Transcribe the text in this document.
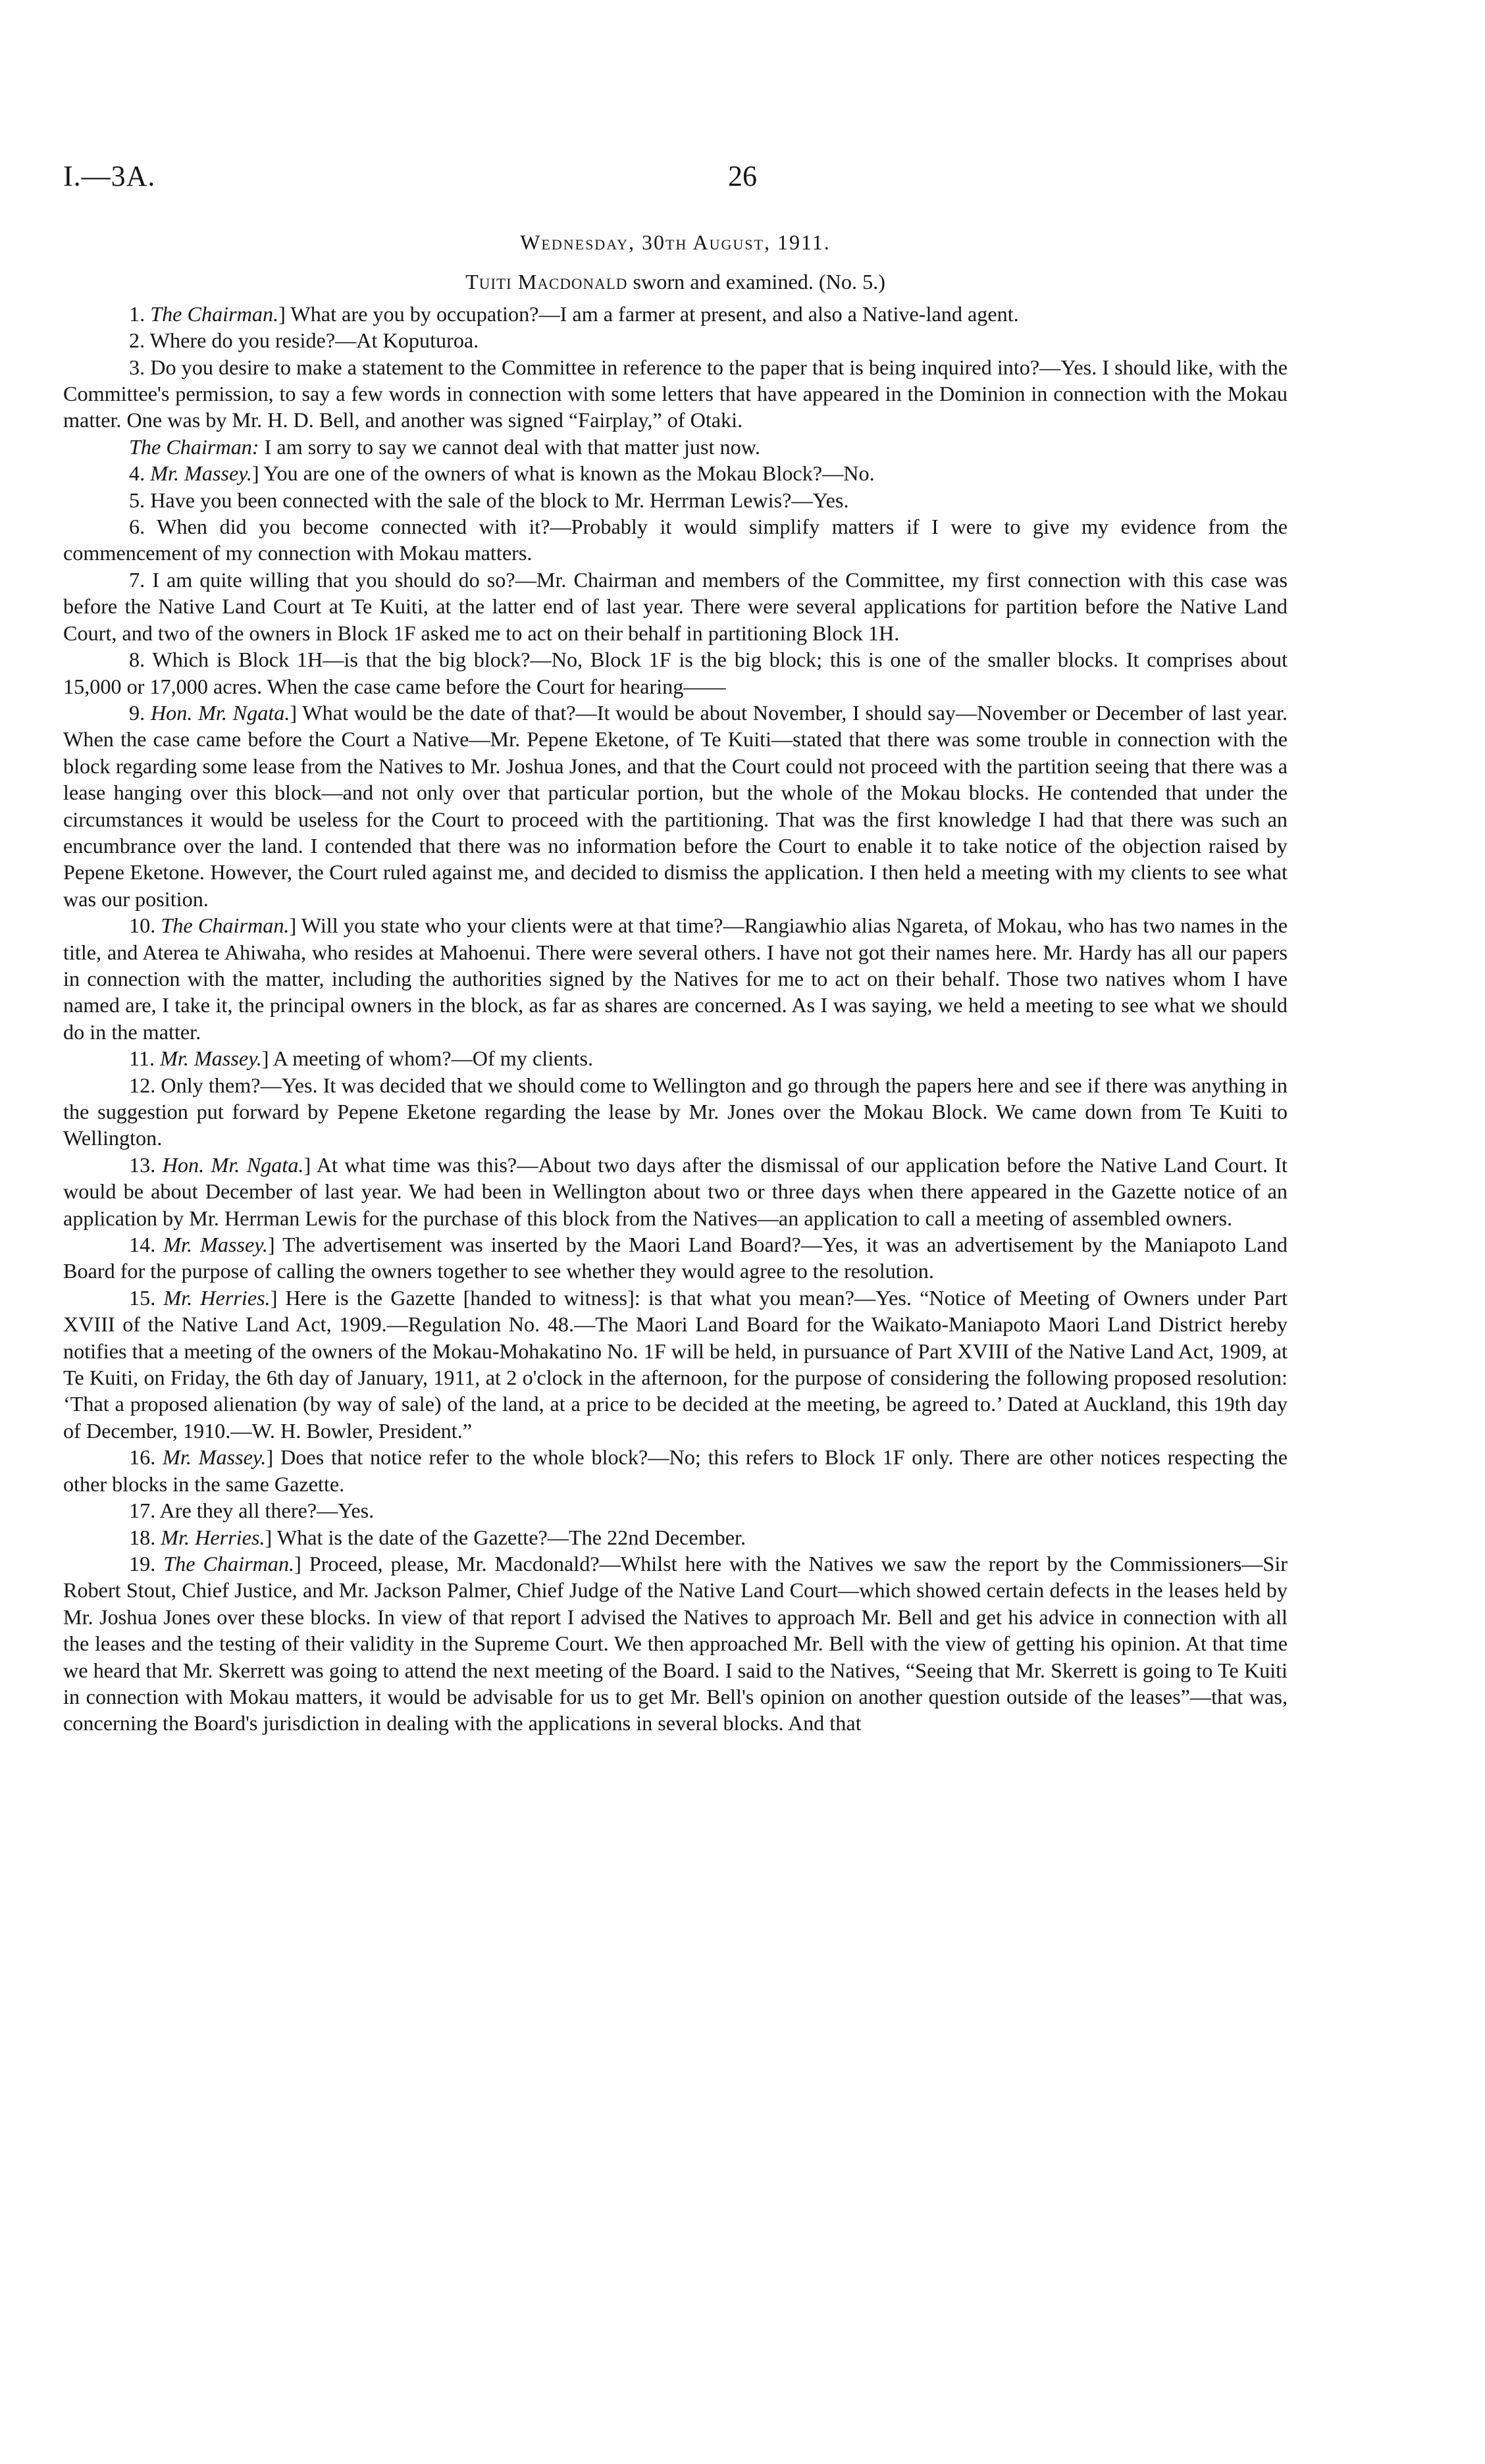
I.—3A.	26
Wednesday, 30th August, 1911.
Tuiti Macdonald sworn and examined. (No. 5.)

1. The Chairman.] What are you by occupation?—I am a farmer at present, and also a Native-land agent.

2. Where do you reside?—At Koputuroa.

3. Do you desire to make a statement to the Committee in reference to the paper that is being inquired into?—Yes. I should like, with the Committee's permission, to say a few words in connection with some letters that have appeared in the Dominion in connection with the Mokau matter. One was by Mr. H. D. Bell, and another was signed “Fairplay,” of Otaki.

The Chairman: I am sorry to say we cannot deal with that matter just now.

4. Mr. Massey.] You are one of the owners of what is known as the Mokau Block?—No.

5. Have you been connected with the sale of the block to Mr. Herrman Lewis?—Yes.

6. When did you become connected with it?—Probably it would simplify matters if I were to give my evidence from the commencement of my connection with Mokau matters.

7. I am quite willing that you should do so?—Mr. Chairman and members of the Committee, my first connection with this case was before the Native Land Court at Te Kuiti, at the latter end of last year. There were several applications for partition before the Native Land Court, and two of the owners in Block 1F asked me to act on their behalf in partitioning Block 1H.

8. Which is Block 1H—is that the big block?—No, Block 1F is the big block; this is one of the smaller blocks. It comprises about 15,000 or 17,000 acres. When the case came before the Court for hearing——

9. Hon. Mr. Ngata.] What would be the date of that?—It would be about November, I should say—November or December of last year. When the case came before the Court a Native—Mr. Pepene Eketone, of Te Kuiti—stated that there was some trouble in connection with the block regarding some lease from the Natives to Mr. Joshua Jones, and that the Court could not proceed with the partition seeing that there was a lease hanging over this block—and not only over that particular portion, but the whole of the Mokau blocks. He contended that under the circumstances it would be useless for the Court to proceed with the partitioning. That was the first knowledge I had that there was such an encumbrance over the land. I contended that there was no information before the Court to enable it to take notice of the objection raised by Pepene Eketone. However, the Court ruled against me, and decided to dismiss the application. I then held a meeting with my clients to see what was our position.

10. The Chairman.] Will you state who your clients were at that time?—Rangiawhio alias Ngareta, of Mokau, who has two names in the title, and Aterea te Ahiwaha, who resides at Mahoenui. There were several others. I have not got their names here. Mr. Hardy has all our papers in connection with the matter, including the authorities signed by the Natives for me to act on their behalf. Those two natives whom I have named are, I take it, the principal owners in the block, as far as shares are concerned. As I was saying, we held a meeting to see what we should do in the matter.

11. Mr. Massey.] A meeting of whom?—Of my clients.

12. Only them?—Yes. It was decided that we should come to Wellington and go through the papers here and see if there was anything in the suggestion put forward by Pepene Eketone regarding the lease by Mr. Jones over the Mokau Block. We came down from Te Kuiti to Wellington.

13. Hon. Mr. Ngata.] At what time was this?—About two days after the dismissal of our application before the Native Land Court. It would be about December of last year. We had been in Wellington about two or three days when there appeared in the Gazette notice of an application by Mr. Herrman Lewis for the purchase of this block from the Natives—an application to call a meeting of assembled owners.

14. Mr. Massey.] The advertisement was inserted by the Maori Land Board?—Yes, it was an advertisement by the Maniapoto Land Board for the purpose of calling the owners together to see whether they would agree to the resolution.

15. Mr. Herries.] Here is the Gazette [handed to witness]: is that what you mean?—Yes. “Notice of Meeting of Owners under Part XVIII of the Native Land Act, 1909.—Regulation No. 48.—The Maori Land Board for the Waikato-Maniapoto Maori Land District hereby notifies that a meeting of the owners of the Mokau-Mohakatino No. 1F will be held, in pursuance of Part XVIII of the Native Land Act, 1909, at Te Kuiti, on Friday, the 6th day of January, 1911, at 2 o'clock in the afternoon, for the purpose of considering the following proposed resolution: ‘That a proposed alienation (by way of sale) of the land, at a price to be decided at the meeting, be agreed to.’ Dated at Auckland, this 19th day of December, 1910.—W. H. Bowler, President.”

16. Mr. Massey.] Does that notice refer to the whole block?—No; this refers to Block 1F only. There are other notices respecting the other blocks in the same Gazette.

17. Are they all there?—Yes.

18. Mr. Herries.] What is the date of the Gazette?—The 22nd December.

19. The Chairman.] Proceed, please, Mr. Macdonald?—Whilst here with the Natives we saw the report by the Commissioners—Sir Robert Stout, Chief Justice, and Mr. Jackson Palmer, Chief Judge of the Native Land Court—which showed certain defects in the leases held by Mr. Joshua Jones over these blocks. In view of that report I advised the Natives to approach Mr. Bell and get his advice in connection with all the leases and the testing of their validity in the Supreme Court. We then approached Mr. Bell with the view of getting his opinion. At that time we heard that Mr. Skerrett was going to attend the next meeting of the Board. I said to the Natives, “Seeing that Mr. Skerrett is going to Te Kuiti in connection with Mokau matters, it would be advisable for us to get Mr. Bell's opinion on another question outside of the leases”—that was, concerning the Board's jurisdiction in dealing with the applications in several blocks. And that
